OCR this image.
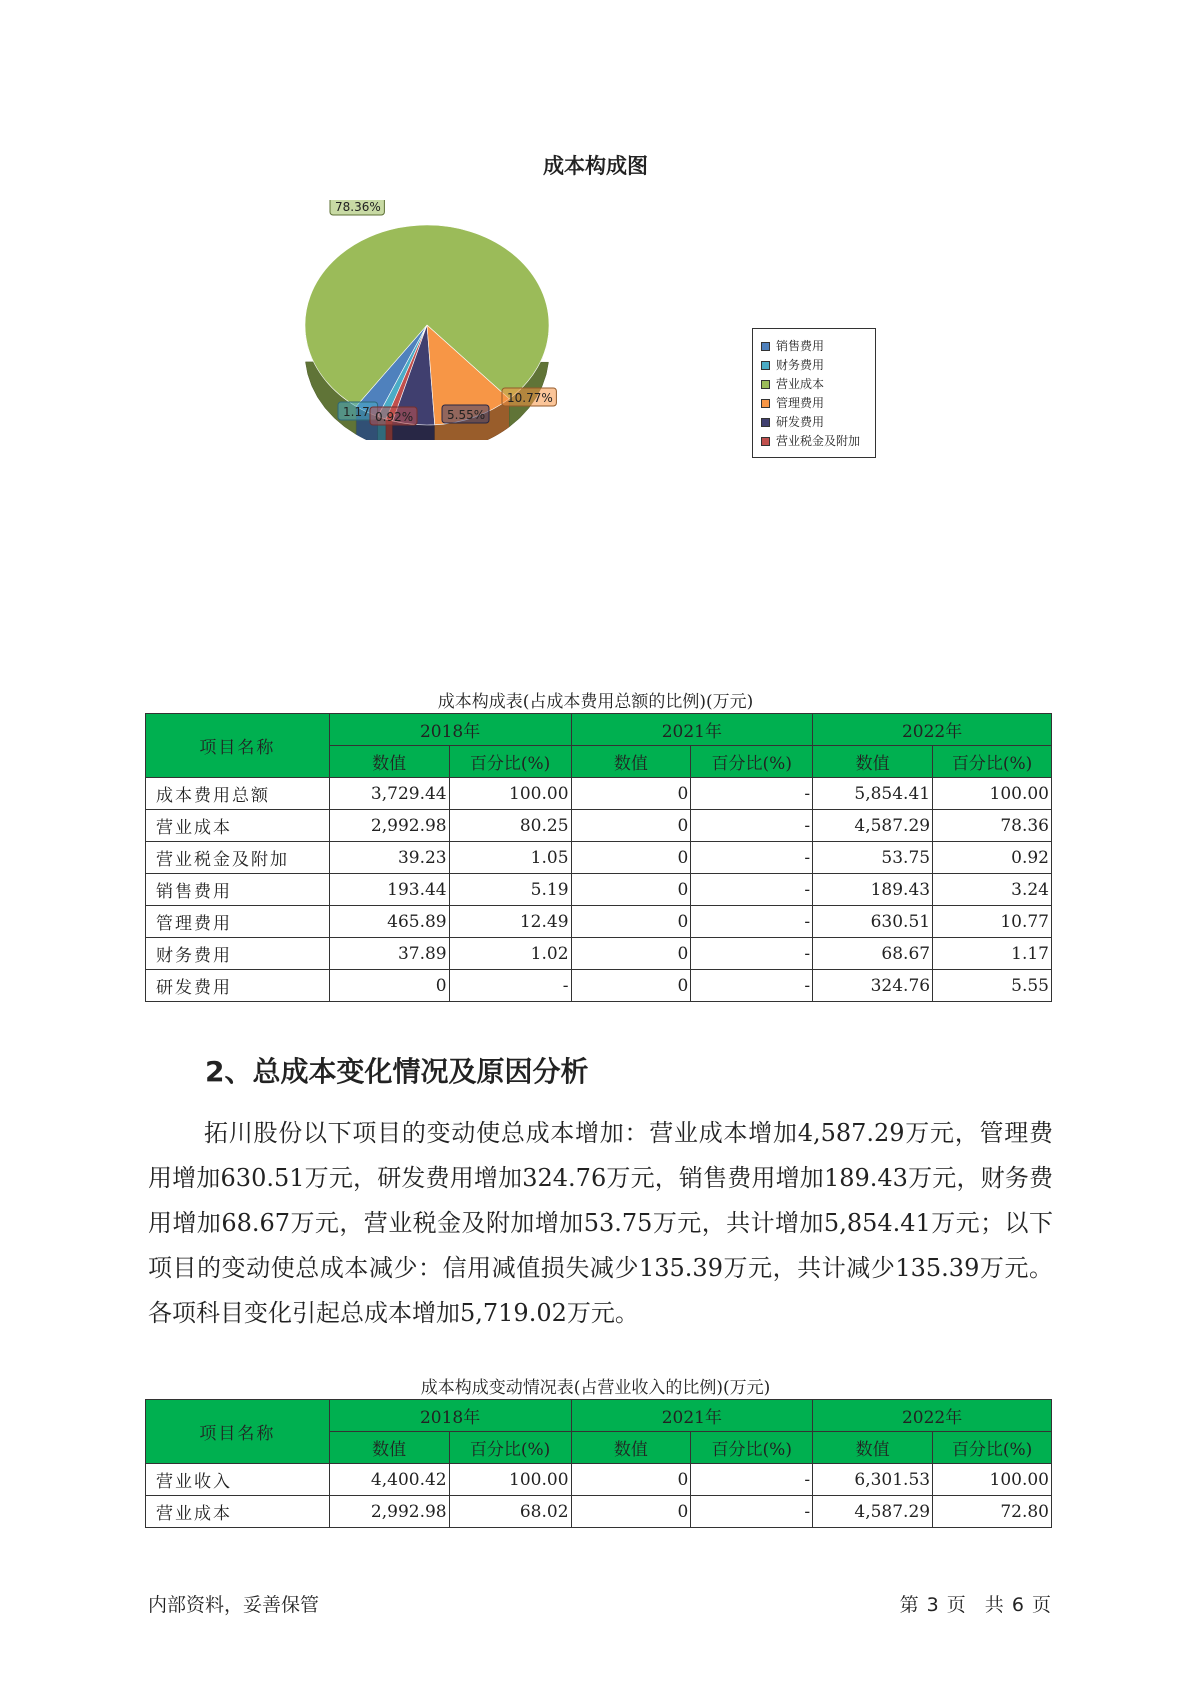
成本构成图
1.17
78.36%
10.77%
5.55%
0.92%
销售费用
财务费用
营业成本
管理费用
研发费用
营业税金及附加
成本构成表(占成本费用总额的比例)(万元)
项目名称	2018年		2021年		2022年	
	数值	百分比(%)	数值	百分比(%)	数值	百分比(%)
成本费用总额	3,729.44	100.00	0	-	5,854.41	100.00
营业成本	2,992.98	80.25	0	-	4,587.29	78.36
营业税金及附加	39.23	1.05	0	-	53.75	0.92
销售费用	193.44	5.19	0	-	189.43	3.24
管理费用	465.89	12.49	0	-	630.51	10.77
财务费用	37.89	1.02	0	-	68.67	1.17
研发费用	0	-	0	-	324.76	5.55
2、总成本变化情况及原因分析
拓川股份以下项目的变动使总成本增加：营业成本增加4,587.29万元，管理费用增加630.51万元，研发费用增加324.76万元，销售费用增加189.43万元，财务费用增加68.67万元，营业税金及附加增加53.75万元，共计增加5,854.41万元；以下项目的变动使总成本减少：信用减值损失减少135.39万元，共计减少135.39万元。各项科目变化引起总成本增加5,719.02万元。
成本构成变动情况表(占营业收入的比例)(万元)
项目名称	2018年		2021年		2022年	
	数值	百分比(%)	数值	百分比(%)	数值	百分比(%)
营业收入	4,400.42	100.00	0	-	6,301.53	100.00
营业成本	2,992.98	68.02	0	-	4,587.29	72.80
内部资料，妥善保管	第 3 页　共 6 页
